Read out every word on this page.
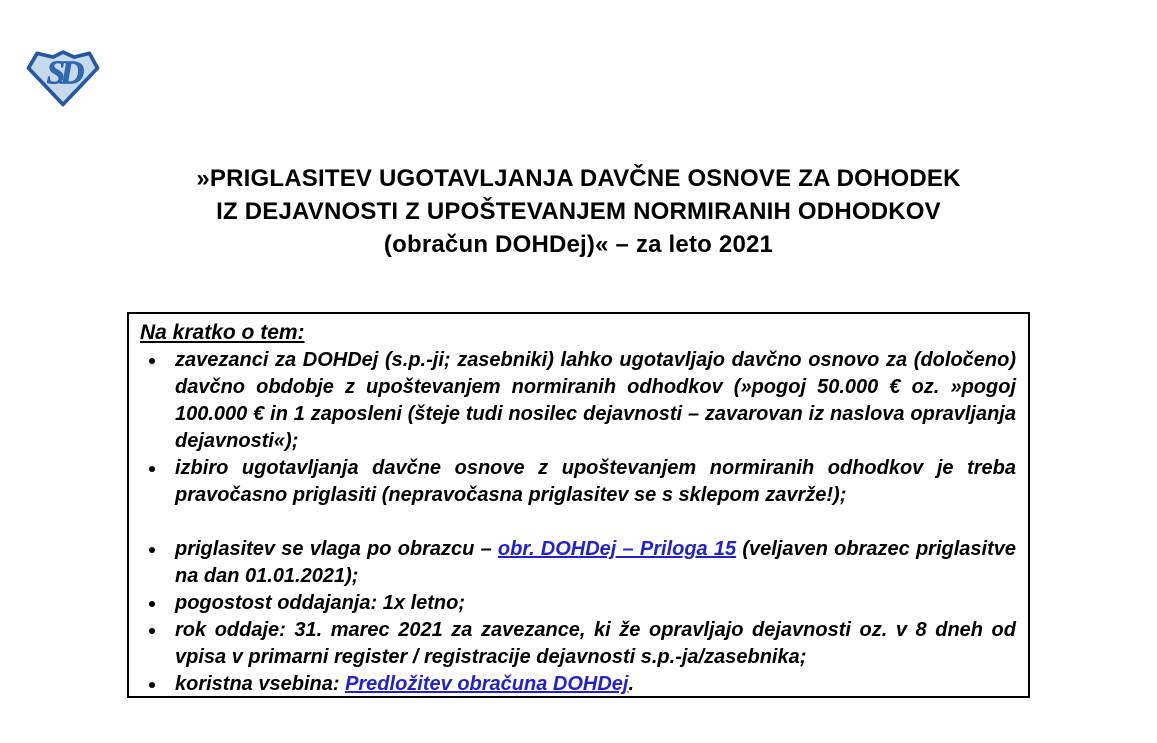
SD
»PRIGLASITEV UGOTAVLJANJA DAVČNE OSNOVE ZA DOHODEK
IZ DEJAVNOSTI Z UPOŠTEVANJEM NORMIRANIH ODHODKOV
(obračun DOHDej)« – za leto 2021
Na kratko o tem:
zavezanci za DOHDej (s.p.-ji; zasebniki) lahko ugotavljajo davčno osnovo za (določeno) davčno obdobje z upoštevanjem normiranih odhodkov (»pogoj 50.000 € oz. »pogoj 100.000 € in 1 zaposleni (šteje tudi nosilec dejavnosti – zavarovan iz naslova opravljanja dejavnosti«);
izbiro ugotavljanja davčne osnove z upoštevanjem normiranih odhodkov je treba pravočasno priglasiti (nepravočasna priglasitev se s sklepom zavrže!);
priglasitev se vlaga po obrazcu – obr. DOHDej – Priloga 15 (veljaven obrazec priglasitve na dan 01.01.2021);
pogostost oddajanja: 1x letno;
rok oddaje: 31. marec 2021 za zavezance, ki že opravljajo dejavnosti oz. v 8 dneh od vpisa v primarni register / registracije dejavnosti s.p.-ja/zasebnika;
koristna vsebina: Predložitev obračuna DOHDej.
